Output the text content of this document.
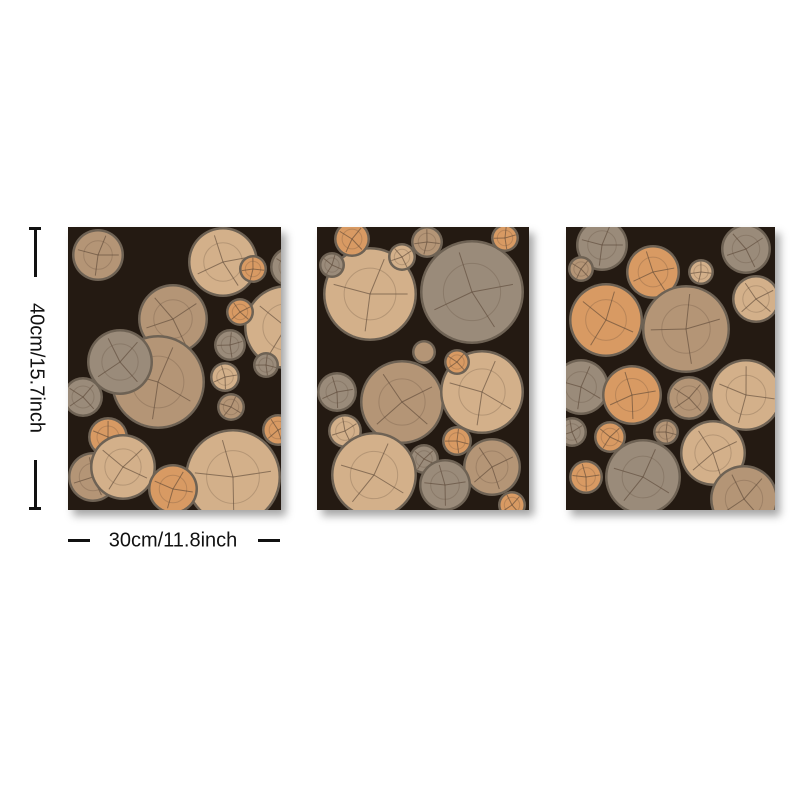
40cm/15.7inch
30cm/11.8inch
